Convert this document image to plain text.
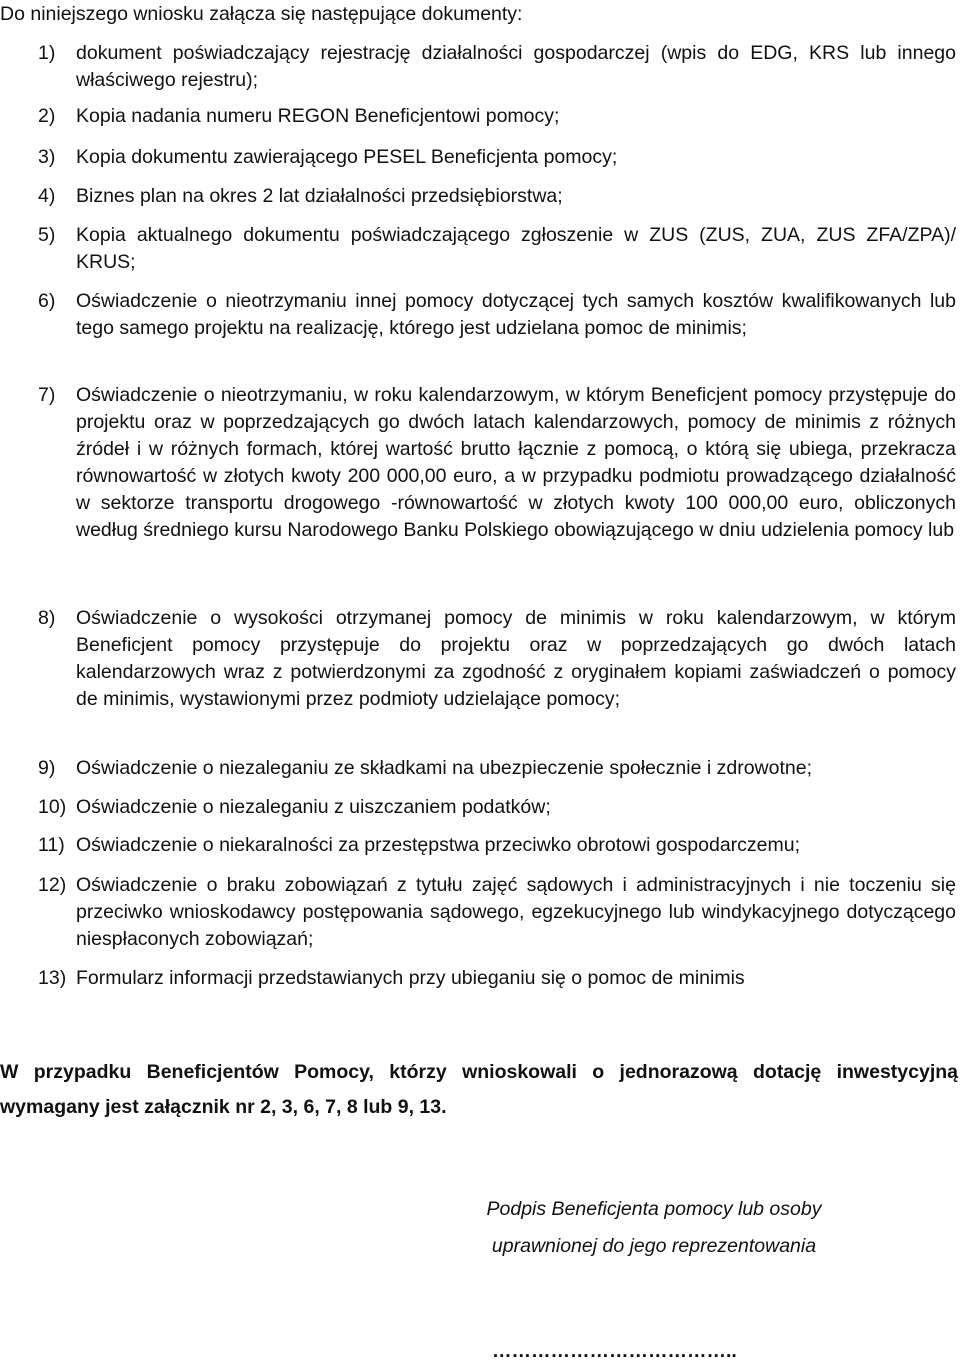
Do niniejszego wniosku załącza się następujące dokumenty:
1) dokument poświadczający rejestrację działalności gospodarczej (wpis do EDG, KRS lub innego właściwego rejestru);
2) Kopia nadania numeru REGON Beneficjentowi pomocy;
3) Kopia dokumentu zawierającego PESEL Beneficjenta pomocy;
4) Biznes plan na okres 2 lat działalności przedsiębiorstwa;
5) Kopia aktualnego dokumentu poświadczającego zgłoszenie w ZUS (ZUS, ZUA, ZUS ZFA/ZPA)/ KRUS;
6) Oświadczenie o nieotrzymaniu innej pomocy dotyczącej tych samych kosztów kwalifikowanych lub tego samego projektu na realizację, którego jest udzielana pomoc de minimis;
7) Oświadczenie o nieotrzymaniu, w roku kalendarzowym, w którym Beneficjent pomocy przystępuje do projektu oraz w poprzedzających go dwóch latach kalendarzowych, pomocy de minimis z różnych źródeł i w różnych formach, której wartość brutto łącznie z pomocą, o którą się ubiega, przekracza równowartość w złotych kwoty 200 000,00 euro, a w przypadku podmiotu prowadzącego działalność w sektorze transportu drogowego -równowartość w złotych kwoty 100 000,00 euro, obliczonych według średniego kursu Narodowego Banku Polskiego obowiązującego w dniu udzielenia pomocy lub
8) Oświadczenie o wysokości otrzymanej pomocy de minimis w roku kalendarzowym, w którym Beneficjent pomocy przystępuje do projektu oraz w poprzedzających go dwóch latach kalendarzowych wraz z potwierdzonymi za zgodność z oryginałem kopiami zaświadczeń o pomocy de minimis, wystawionymi przez podmioty udzielające pomocy;
9) Oświadczenie o niezaleganiu ze składkami na ubezpieczenie społecznie i zdrowotne;
10) Oświadczenie o niezaleganiu z uiszczaniem podatków;
11) Oświadczenie o niekaralności za przestępstwa przeciwko obrotowi gospodarczemu;
12) Oświadczenie o braku zobowiązań z tytułu zajęć sądowych i administracyjnych i nie toczeniu się przeciwko wnioskodawcy postępowania sądowego, egzekucyjnego lub windykacyjnego dotyczącego niespłaconych zobowiązań;
13) Formularz informacji przedstawianych przy ubieganiu się o pomoc de minimis
W przypadku Beneficjentów Pomocy, którzy wnioskowali o jednorazową dotację inwestycyjną wymagany jest załącznik nr 2, 3, 6, 7, 8 lub 9, 13.
Podpis Beneficjenta pomocy lub osoby
uprawnionej do jego reprezentowania
………………………………..
